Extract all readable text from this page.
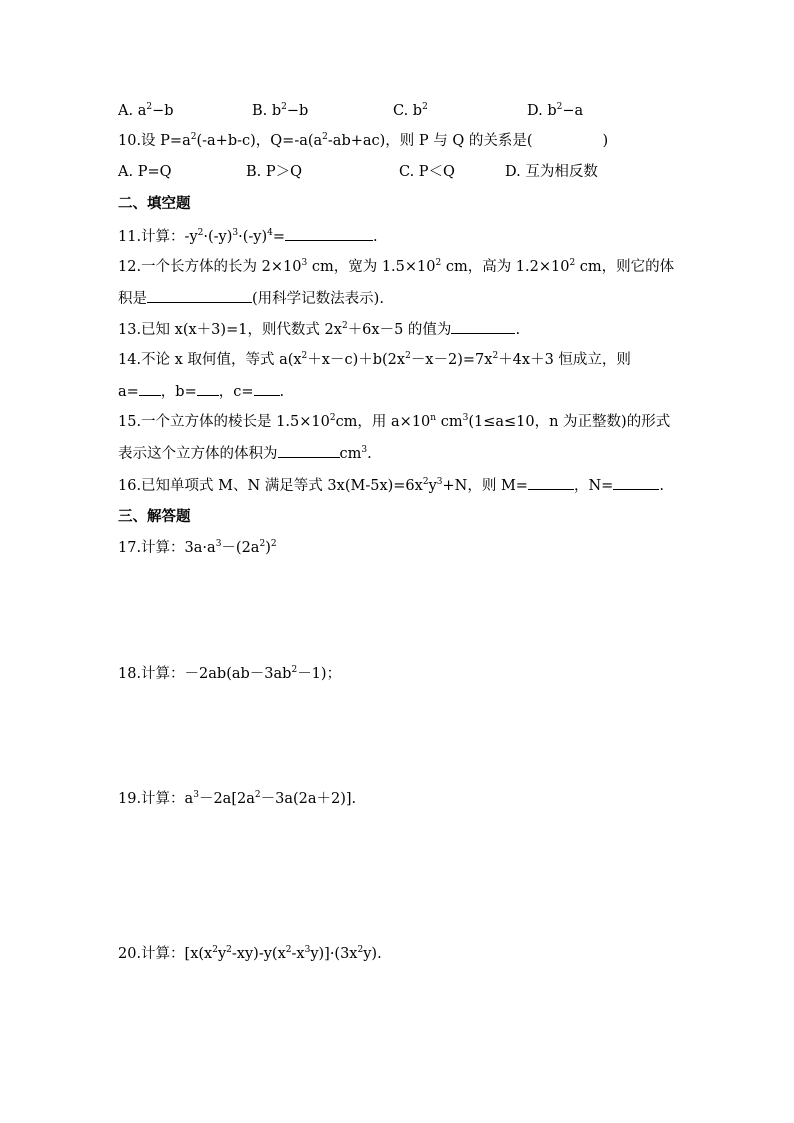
A. $a^2-b$	B. $b^2-b$	C. $b^2$	D. $b^2-a$
10.设 $P=a^2(-a+b-c)$，$Q=-a(a^2-ab+ac)$，则 P 与 Q 的关系是(	)
A. P=Q	B. P＞Q	C. P＜Q	D. 互为相反数
二、填空题
11.计算：$-y^2\cdot(-y)^3\cdot(-y)^4=$	.
12.一个长方体的长为 $2\times 10^3$ cm，宽为 $1.5\times 10^2$ cm，高为 $1.2\times 10^2$ cm，则它的体
积是	(用科学记数法表示).
13.已知 x(x＋3)=1，则代数式 $2x^2+6x-5$ 的值为	.
14.不论 x 取何值，等式 $a(x^2+x-c)+b(2x^2-x-2)=7x^2+4x+3$ 恒成立，则
a= ，b= ，c= .
15.一个立方体的棱长是 $1.5\times 10^2cm$，用 $a\times 10^n$ $cm^3(1\le a\le 10$，n 为正整数)的形式
表示这个立方体的体积为	$cm^3$.
16.已知单项式 M、N 满足等式 $3x(M-5x)=6x^2y^3+N$，则 M=	，N=	.
三、解答题
17.计算：$3a\cdot a^3-(2a^2)^2$
18.计算：$-2ab(ab-3ab^2-1)$；
19.计算：$a^3-2a[2a^2-3a(2a+2)]$.
20.计算：$[x(x^2y^2-xy)-y(x^2-x^3y)]\cdot(3x^2y)$.
